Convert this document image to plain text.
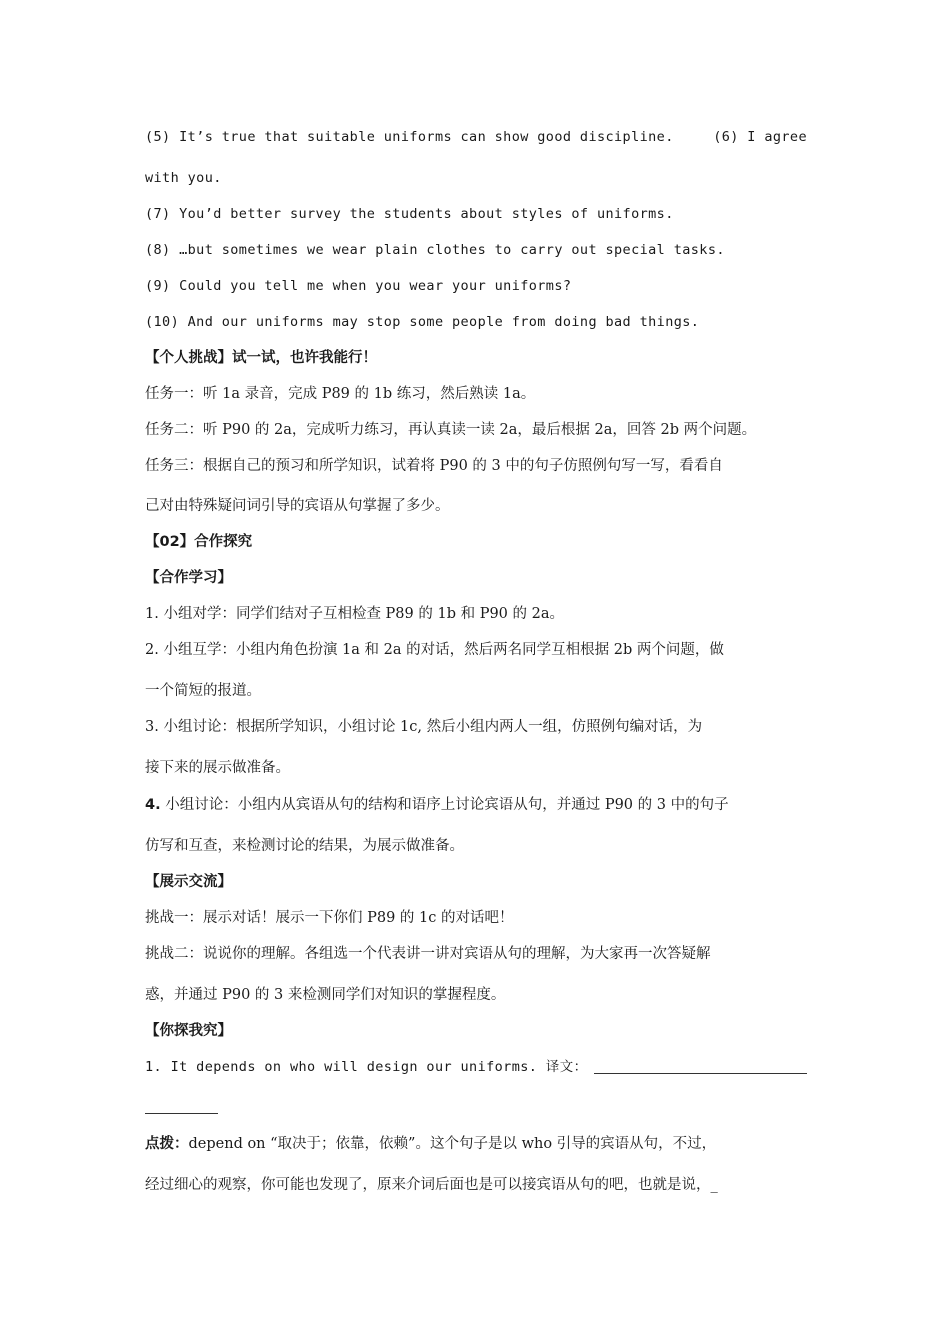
(5) It’s true that suitable uniforms can show good discipline.	(6) I agree
with you.
(7) You’d better survey the students about styles of uniforms.
(8) …but sometimes we wear plain clothes to carry out special tasks.
(9) Could you tell me when you wear your uniforms?
(10) And our uniforms may stop some people from doing bad things.
【个人挑战】试一试，也许我能行！
任务一：听 1a 录音，完成 P89 的 1b 练习，然后熟读 1a。
任务二：听 P90 的 2a，完成听力练习，再认真读一读 2a，最后根据 2a，回答 2b 两个问题。
任务三：根据自己的预习和所学知识，试着将 P90 的 3 中的句子仿照例句写一写，看看自
己对由特殊疑问词引导的宾语从句掌握了多少。
【02】合作探究
【合作学习】
1. 小组对学：同学们结对子互相检查 P89 的 1b 和 P90 的 2a。
2. 小组互学：小组内角色扮演 1a 和 2a 的对话，然后两名同学互相根据 2b 两个问题，做
一个简短的报道。
3. 小组讨论：根据所学知识，小组讨论 1c, 然后小组内两人一组，仿照例句编对话，为
接下来的展示做准备。
4. 小组讨论：小组内从宾语从句的结构和语序上讨论宾语从句，并通过 P90 的 3 中的句子
仿写和互查，来检测讨论的结果，为展示做准备。
【展示交流】
挑战一：展示对话！展示一下你们 P89 的 1c 的对话吧！
挑战二：说说你的理解。各组选一个代表讲一讲对宾语从句的理解，为大家再一次答疑解
惑，并通过 P90 的 3 来检测同学们对知识的掌握程度。
【你探我究】
1. It depends on who will design our uniforms. 译文：
点拨：depend on “取决于；依靠，依赖”。这个句子是以 who 引导的宾语从句，不过，
经过细心的观察，你可能也发现了，原来介词后面也是可以接宾语从句的吧，也就是说，_
